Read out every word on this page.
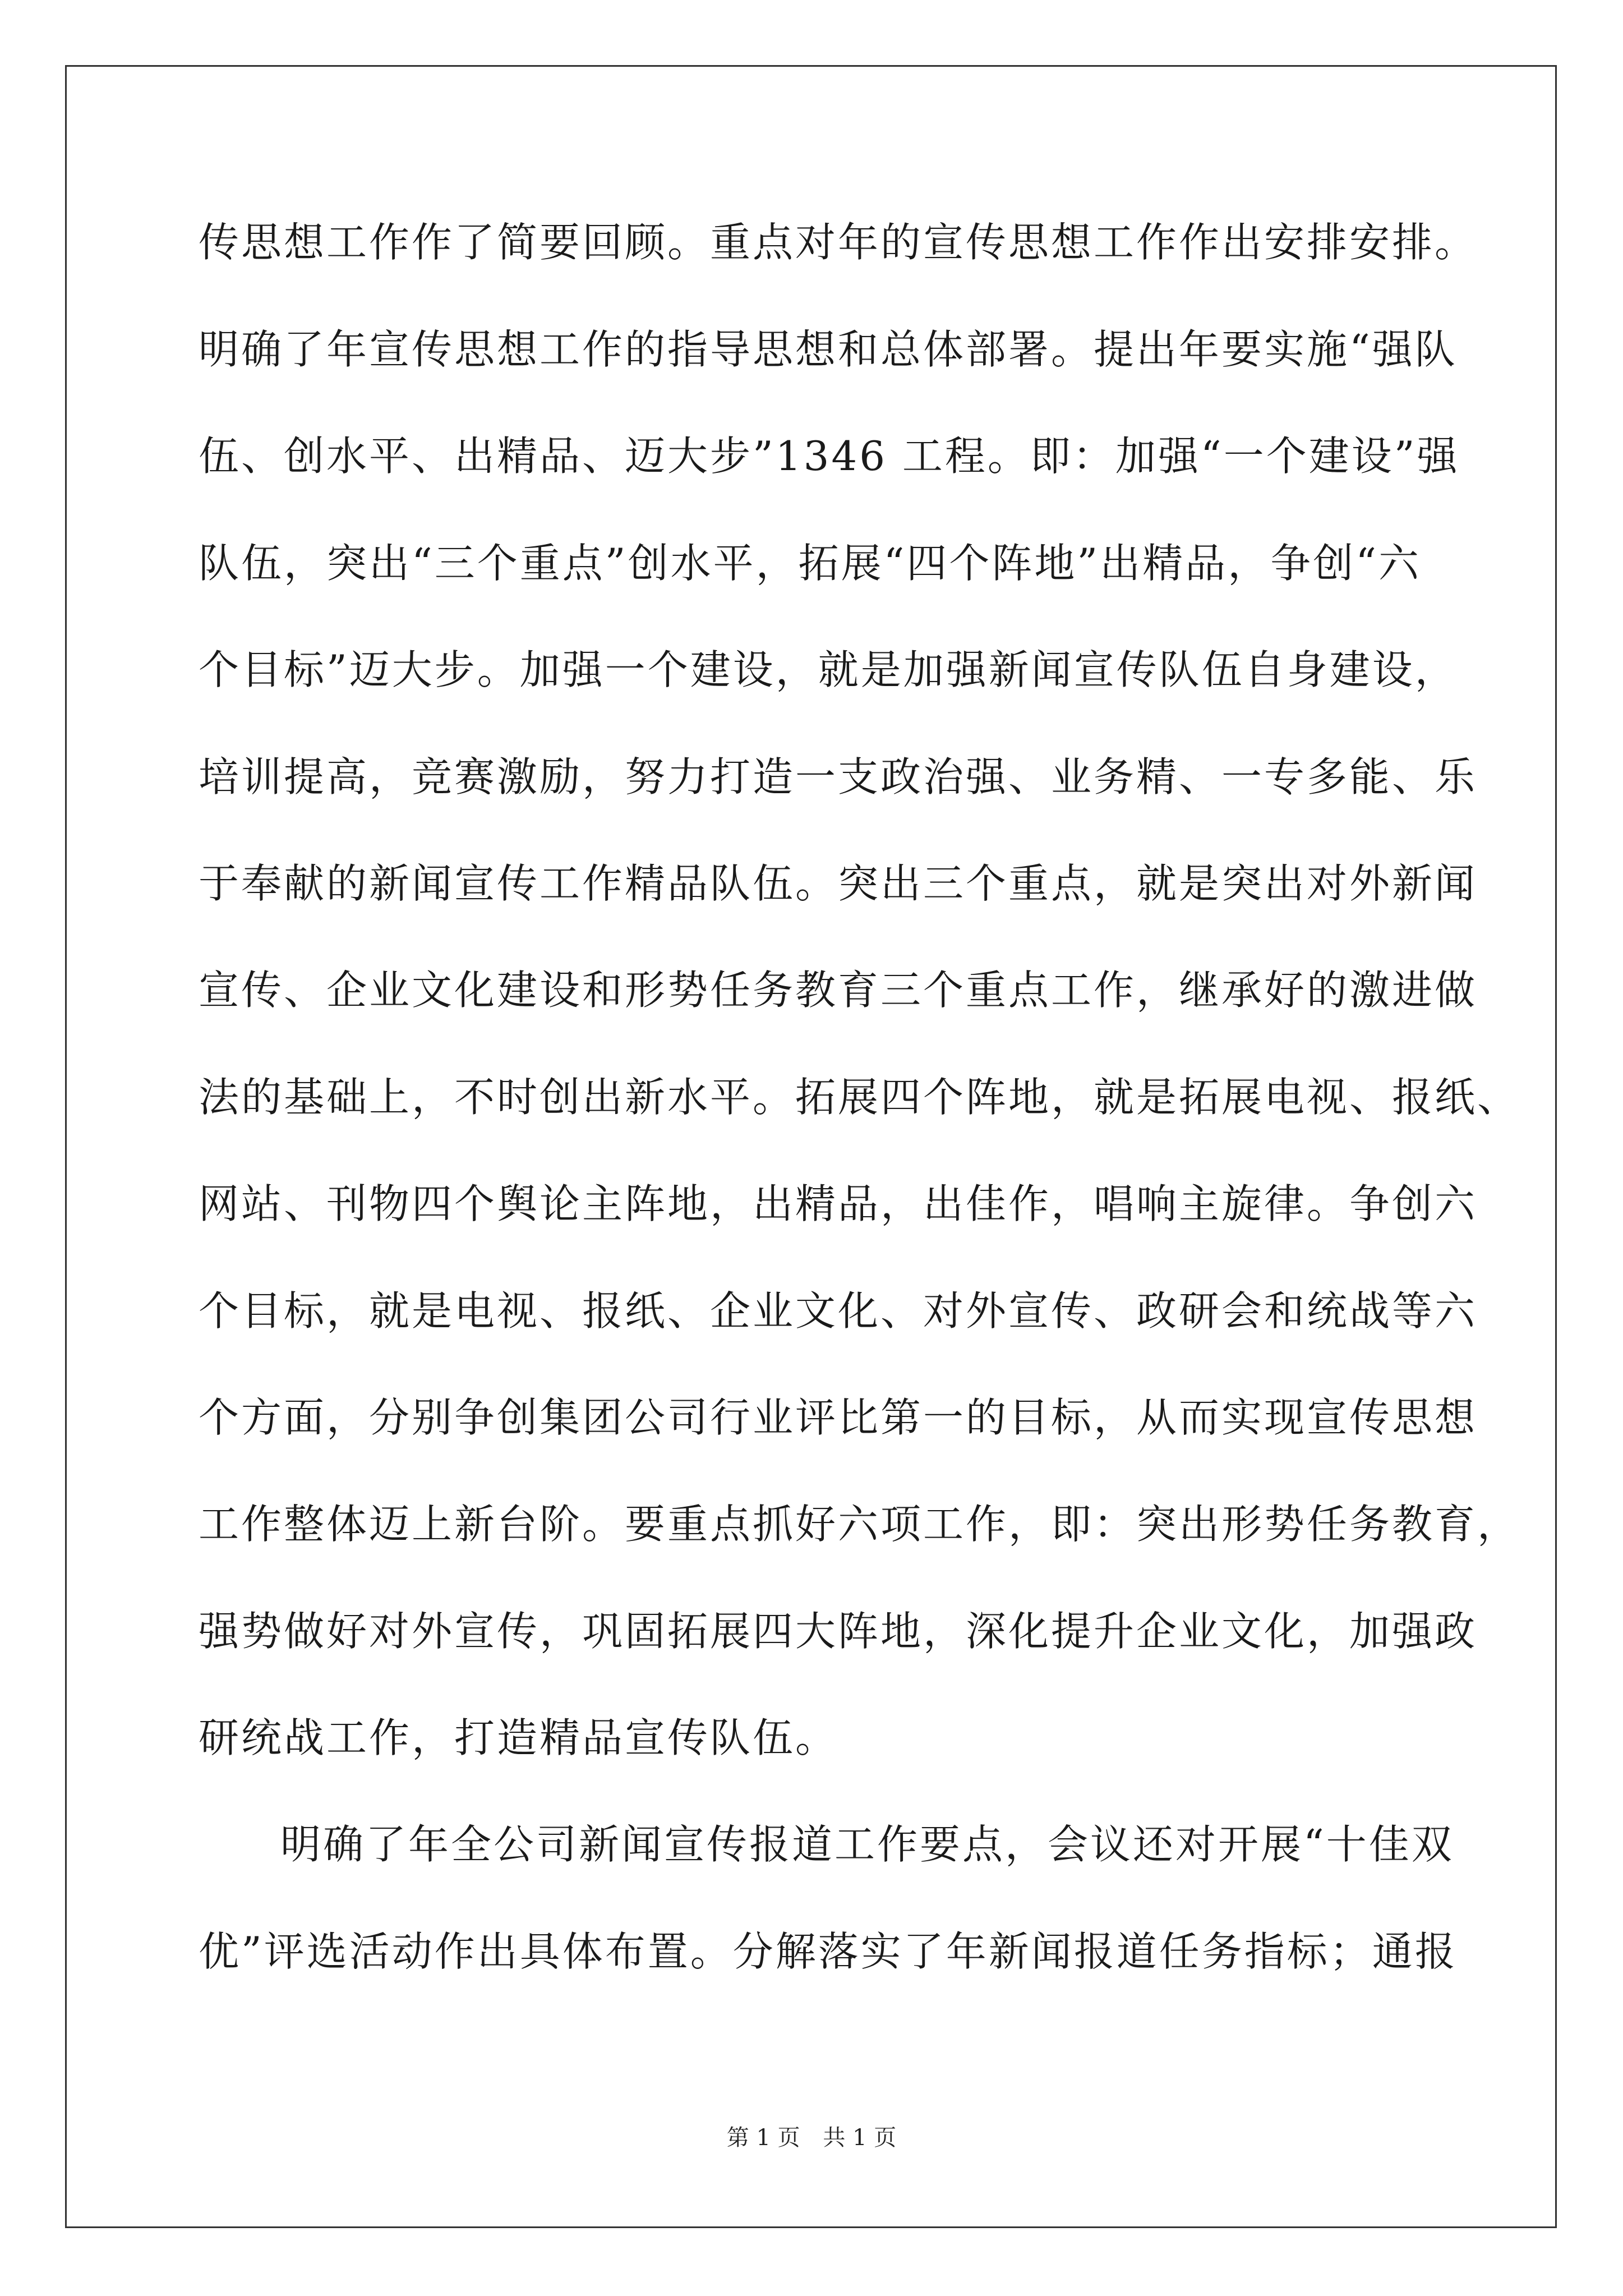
传思想工作作了简要回顾。重点对年的宣传思想工作作出安排安排。

明确了年宣传思想工作的指导思想和总体部署。提出年要实施“强队

伍、创水平、出精品、迈大步”1346 工程。即：加强“一个建设”强

队伍，突出“三个重点”创水平，拓展“四个阵地”出精品，争创“六

个目标”迈大步。加强一个建设，就是加强新闻宣传队伍自身建设，

培训提高，竞赛激励，努力打造一支政治强、业务精、一专多能、乐

于奉献的新闻宣传工作精品队伍。突出三个重点，就是突出对外新闻

宣传、企业文化建设和形势任务教育三个重点工作，继承好的激进做

法的基础上，不时创出新水平。拓展四个阵地，就是拓展电视、报纸、

网站、刊物四个舆论主阵地，出精品，出佳作，唱响主旋律。争创六

个目标，就是电视、报纸、企业文化、对外宣传、政研会和统战等六

个方面，分别争创集团公司行业评比第一的目标，从而实现宣传思想

工作整体迈上新台阶。要重点抓好六项工作，即：突出形势任务教育，

强势做好对外宣传，巩固拓展四大阵地，深化提升企业文化，加强政

研统战工作，打造精品宣传队伍。

明确了年全公司新闻宣传报道工作要点，会议还对开展“十佳双

优”评选活动作出具体布置。分解落实了年新闻报道任务指标；通报

第 1 页 共 1 页
